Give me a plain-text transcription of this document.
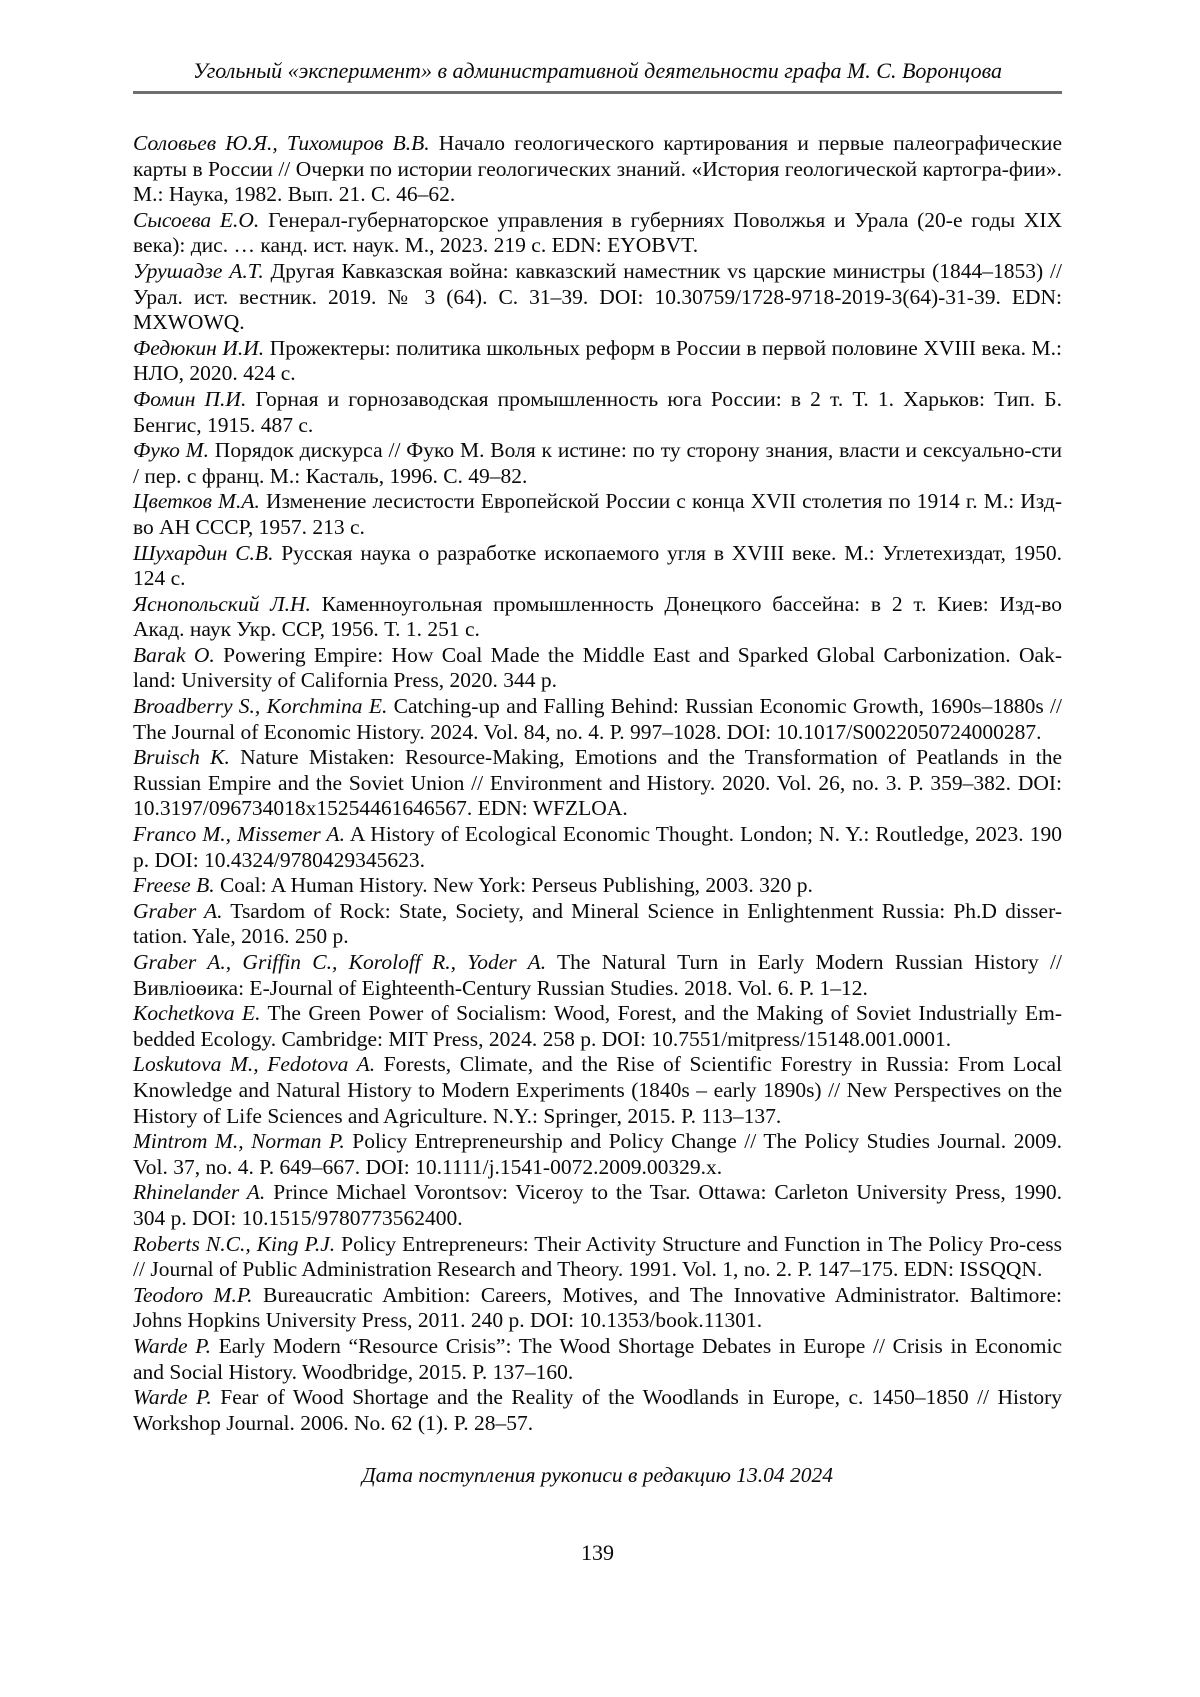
Угольный «эксперимент» в административной деятельности графа М. С. Воронцова

Соловьев Ю.Я., Тихомиров В.В. Начало геологического картирования и первые палеографические карты в России // Очерки по истории геологических знаний. «История геологической картогра-фии». М.: Наука, 1982. Вып. 21. С. 46–62.

Сысоева Е.О. Генерал-губернаторское управления в губерниях Поволжья и Урала (20-е годы XIX века): дис. … канд. ист. наук. М., 2023. 219 с. EDN: EYOBVT.

Урушадзе А.Т. Другая Кавказская война: кавказский наместник vs царские министры (1844–1853) // Урал. ист. вестник. 2019. № 3 (64). С. 31–39. DOI: 10.30759/1728-9718-2019-3(64)-31-39. EDN: MXWOWQ.

Федюкин И.И. Прожектеры: политика школьных реформ в России в первой половине XVIII века. М.: НЛО, 2020. 424 с.

Фомин П.И. Горная и горнозаводская промышленность юга России: в 2 т. Т. 1. Харьков: Тип. Б. Бенгис, 1915. 487 с.

Фуко М. Порядок дискурса // Фуко М. Воля к истине: по ту сторону знания, власти и сексуально-сти / пер. с франц. М.: Касталь, 1996. С. 49–82.

Цветков М.А. Изменение лесистости Европейской России с конца XVII столетия по 1914 г. М.: Изд-во АН СССР, 1957. 213 с.

Шухардин С.В. Русская наука о разработке ископаемого угля в XVIII веке. М.: Углетехиздат, 1950. 124 с.

Яснопольский Л.Н. Каменноугольная промышленность Донецкого бассейна: в 2 т. Киев: Изд-во Акад. наук Укр. ССР, 1956. Т. 1. 251 с.

Barak O. Powering Empire: How Coal Made the Middle East and Sparked Global Carbonization. Oak-land: University of California Press, 2020. 344 p.

Broadberry S., Korchmina E. Catching-up and Falling Behind: Russian Economic Growth, 1690s–1880s // The Journal of Economic History. 2024. Vol. 84, no. 4. P. 997–1028. DOI: 10.1017/S0022050724000287.

Bruisch K. Nature Mistaken: Resource-Making, Emotions and the Transformation of Peatlands in the Russian Empire and the Soviet Union // Environment and History. 2020. Vol. 26, no. 3. P. 359–382. DOI: 10.3197/096734018x15254461646567. EDN: WFZLOA.

Franco M., Missemer A. A History of Ecological Economic Thought. London; N. Y.: Routledge, 2023. 190 p. DOI: 10.4324/9780429345623.

Freese B. Coal: A Human History. New York: Perseus Publishing, 2003. 320 p.

Graber A. Tsardom of Rock: State, Society, and Mineral Science in Enlightenment Russia: Ph.D disser-tation. Yale, 2016. 250 p.

Graber A., Griffin C., Koroloff R., Yoder A. The Natural Turn in Early Modern Russian History // Вивліоѳика: E-Journal of Eighteenth-Century Russian Studies. 2018. Vol. 6. P. 1–12.

Kochetkova E. The Green Power of Socialism: Wood, Forest, and the Making of Soviet Industrially Em-bedded Ecology. Cambridge: MIT Press, 2024. 258 p. DOI: 10.7551/mitpress/15148.001.0001.

Loskutova M., Fedotova A. Forests, Climate, and the Rise of Scientific Forestry in Russia: From Local Knowledge and Natural History to Modern Experiments (1840s – early 1890s) // New Perspectives on the History of Life Sciences and Agriculture. N.Y.: Springer, 2015. P. 113–137.

Mintrom M., Norman P. Policy Entrepreneurship and Policy Change // The Policy Studies Journal. 2009. Vol. 37, no. 4. P. 649–667. DOI: 10.1111/j.1541-0072.2009.00329.x.

Rhinelander A. Prince Michael Vorontsov: Viceroy to the Tsar. Ottawa: Carleton University Press, 1990. 304 p. DOI: 10.1515/9780773562400.

Roberts N.C., King P.J. Policy Entrepreneurs: Their Activity Structure and Function in The Policy Pro-cess // Journal of Public Administration Research and Theory. 1991. Vol. 1, no. 2. P. 147–175. EDN: ISSQQN.

Teodoro M.P. Bureaucratic Ambition: Careers, Motives, and The Innovative Administrator. Baltimore: Johns Hopkins University Press, 2011. 240 p. DOI: 10.1353/book.11301.

Warde P. Early Modern “Resource Crisis”: The Wood Shortage Debates in Europe // Crisis in Economic and Social History. Woodbridge, 2015. P. 137–160.

Warde P. Fear of Wood Shortage and the Reality of the Woodlands in Europe, c. 1450–1850 // History Workshop Journal. 2006. No. 62 (1). P. 28–57.

Дата поступления рукописи в редакцию 13.04 2024
139
